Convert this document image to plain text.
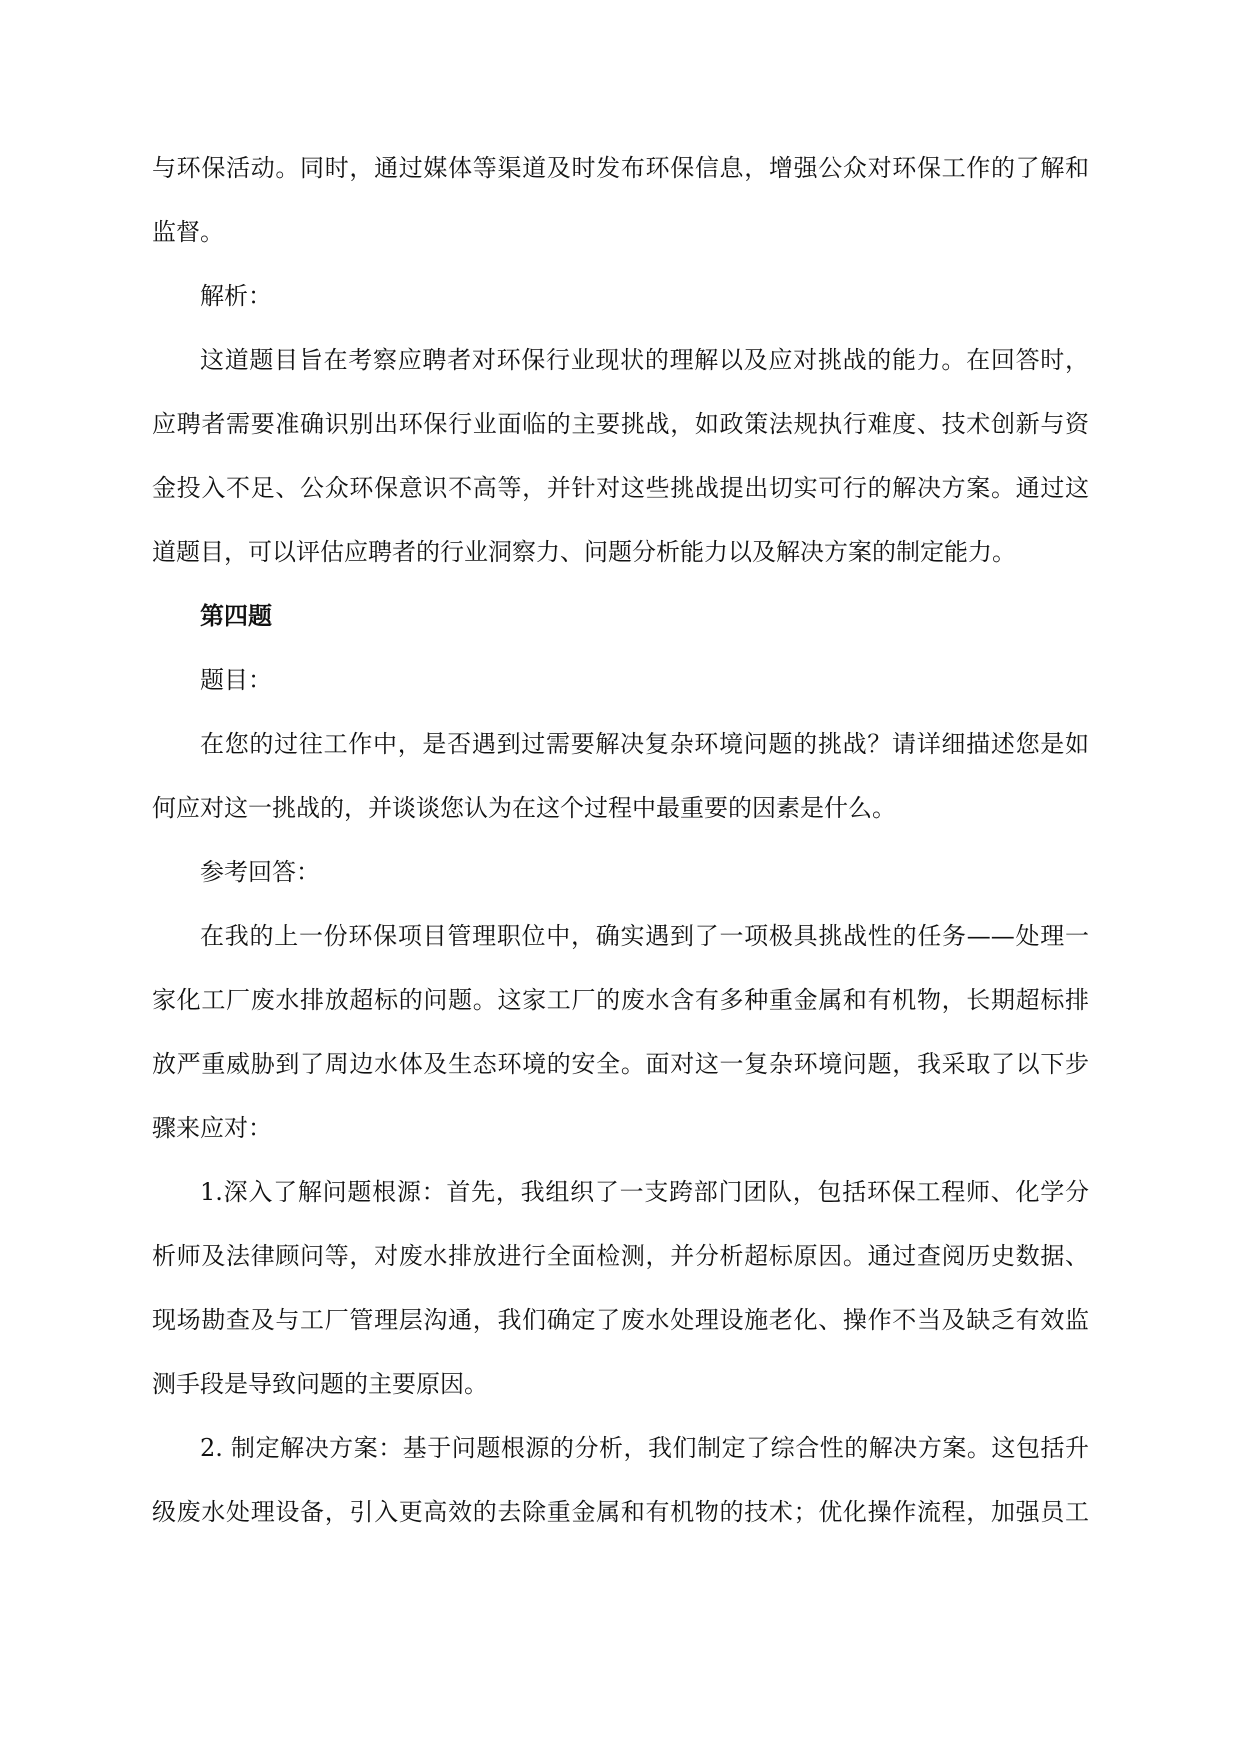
与环保活动。同时，通过媒体等渠道及时发布环保信息，增强公众对环保工作的了解和
监督。
解析：
这道题目旨在考察应聘者对环保行业现状的理解以及应对挑战的能力。在回答时，
应聘者需要准确识别出环保行业面临的主要挑战，如政策法规执行难度、技术创新与资
金投入不足、公众环保意识不高等，并针对这些挑战提出切实可行的解决方案。通过这
道题目，可以评估应聘者的行业洞察力、问题分析能力以及解决方案的制定能力。
第四题
题目：
在您的过往工作中，是否遇到过需要解决复杂环境问题的挑战？请详细描述您是如
何应对这一挑战的，并谈谈您认为在这个过程中最重要的因素是什么。
参考回答：
在我的上一份环保项目管理职位中，确实遇到了一项极具挑战性的任务——处理一
家化工厂废水排放超标的问题。这家工厂的废水含有多种重金属和有机物，长期超标排
放严重威胁到了周边水体及生态环境的安全。面对这一复杂环境问题，我采取了以下步
骤来应对：
1.深入了解问题根源：首先，我组织了一支跨部门团队，包括环保工程师、化学分
析师及法律顾问等，对废水排放进行全面检测，并分析超标原因。通过查阅历史数据、
现场勘查及与工厂管理层沟通，我们确定了废水处理设施老化、操作不当及缺乏有效监
测手段是导致问题的主要原因。
2. 制定解决方案：基于问题根源的分析，我们制定了综合性的解决方案。这包括升
级废水处理设备，引入更高效的去除重金属和有机物的技术；优化操作流程，加强员工
